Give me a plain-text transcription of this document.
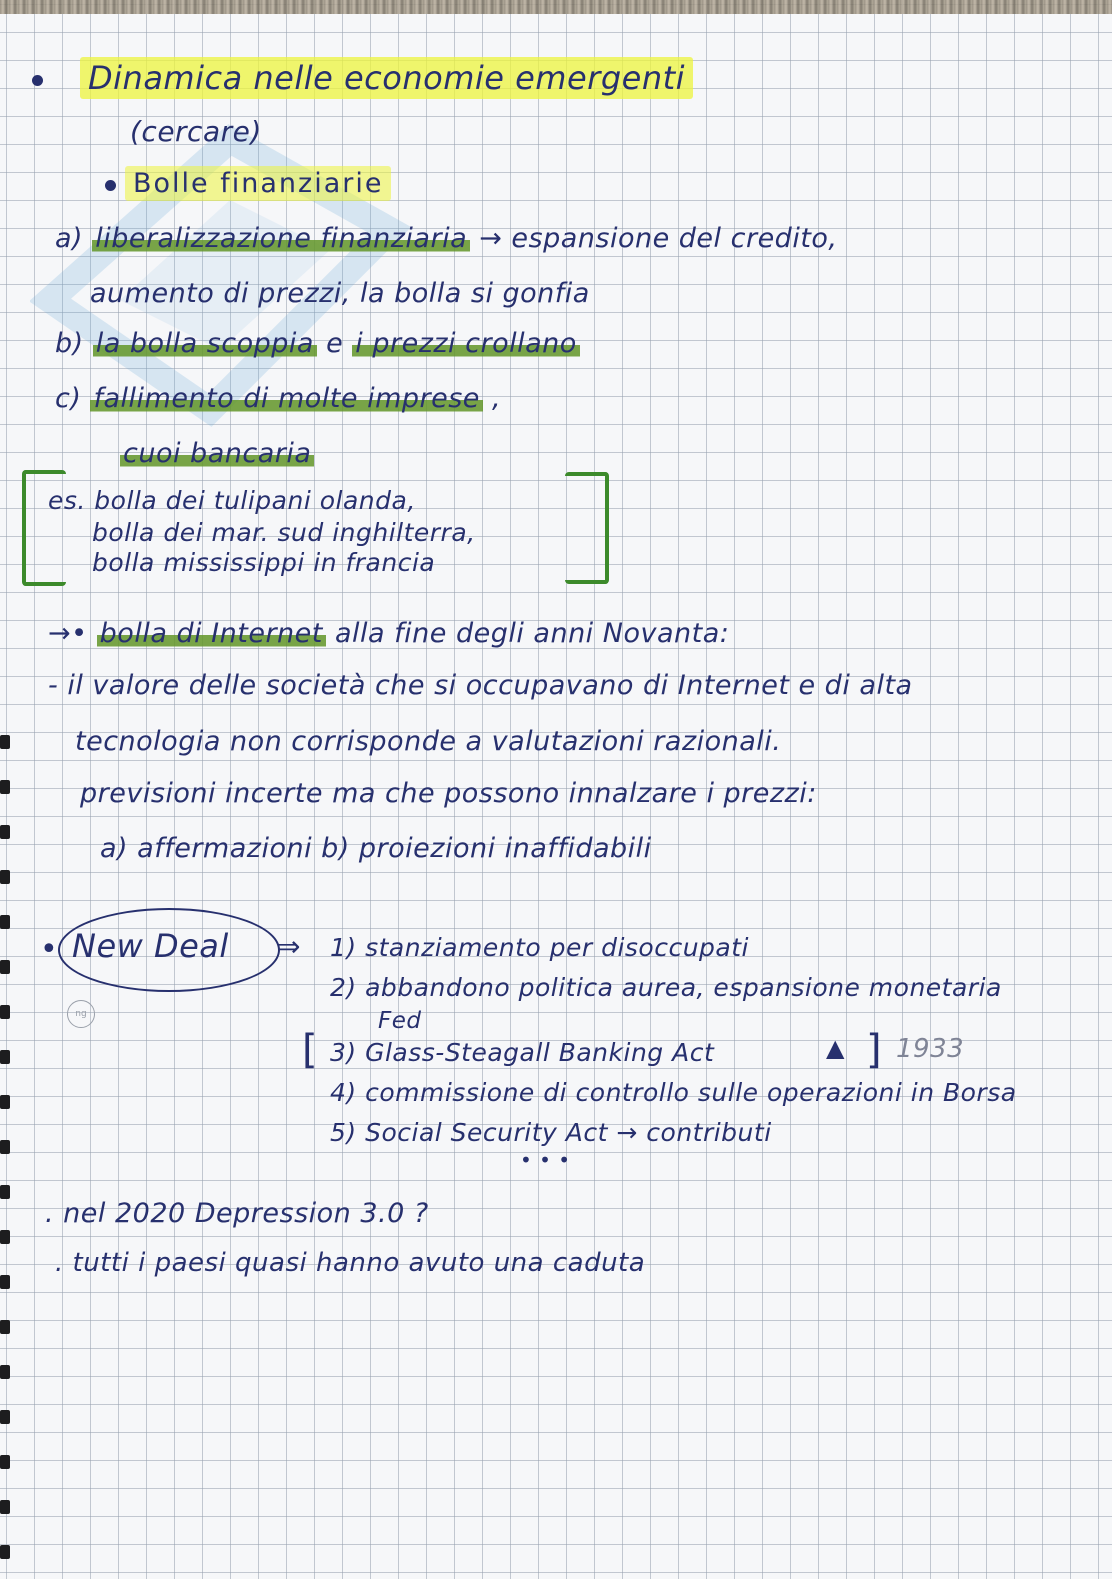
Dinamica nelle economie emergenti
(cercare)
Bolle finanziarie
a) liberalizzazione finanziaria → espansione del credito,
aumento di prezzi, la bolla si gonfia
b) la bolla scoppia e i prezzi crollano
c) fallimento di molte imprese ,
cuoi bancaria
es. bolla dei tulipani olanda,
bolla dei mar. sud inghilterra,
bolla mississippi in francia
→• bolla di Internet alla fine degli anni Novanta:
- il valore delle società che si occupavano di Internet e di alta
tecnologia non corrisponde a valutazioni razionali.
previsioni incerte ma che possono innalzare i prezzi:
a) affermazioni b) proiezioni inaffidabili
• New Deal ⇒
ng
1) stanziamento per disoccupati
2) abbandono politica aurea, espansione monetaria
Fed
[ 3) Glass-Steagall Banking Act	▲ ] 1933
4) commissione di controllo sulle operazioni in Borsa
5) Social Security Act → contributi
• • •
. nel 2020 Depression 3.0 ?
. tutti i paesi quasi hanno avuto una caduta
